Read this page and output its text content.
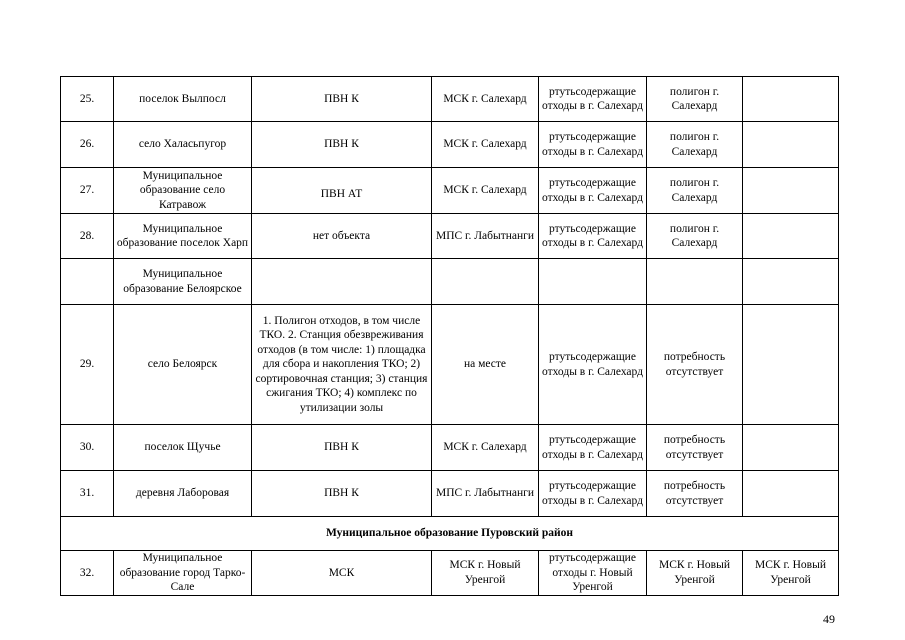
25.	поселок Вылпосл	ПВН К	МСК г. Салехард	ртутьсодержащие отходы в г. Салехард	полигон г. Салехард	
26.	село Халасьпугор	ПВН К	МСК г. Салехард	ртутьсодержащие отходы в г. Салехард	полигон г. Салехард	
27.	Муниципальное образование село Катравож	ПВН АТ	МСК г. Салехард	ртутьсодержащие отходы в г. Салехард	полигон г. Салехард	
28.	Муниципальное образование поселок Харп	нет объекта	МПС г. Лабытнанги	ртутьсодержащие отходы в г. Салехард	полигон г. Салехард	
	Муниципальное образование Белоярское					
29.	село Белоярск	1. Полигон отходов, в том числе ТКО. 2. Станция обезвреживания отходов (в том числе: 1) площадка для сбора и накопления ТКО; 2) сортировочная станция; 3) станция сжигания ТКО; 4) комплекс по утилизации золы	на месте	ртутьсодержащие отходы в г. Салехард	потребность отсутствует	
30.	поселок Щучье	ПВН К	МСК г. Салехард	ртутьсодержащие отходы в г. Салехард	потребность отсутствует	
31.	деревня Лаборовая	ПВН К	МПС г. Лабытнанги	ртутьсодержащие отходы в г. Салехард	потребность отсутствует	
Муниципальное образование Пуровский район						
32.	Муниципальное образование город Тарко-Сале	МСК	МСК г. Новый Уренгой	ртутьсодержащие отходы г. Новый Уренгой	МСК г. Новый Уренгой	МСК г. Новый Уренгой
49
